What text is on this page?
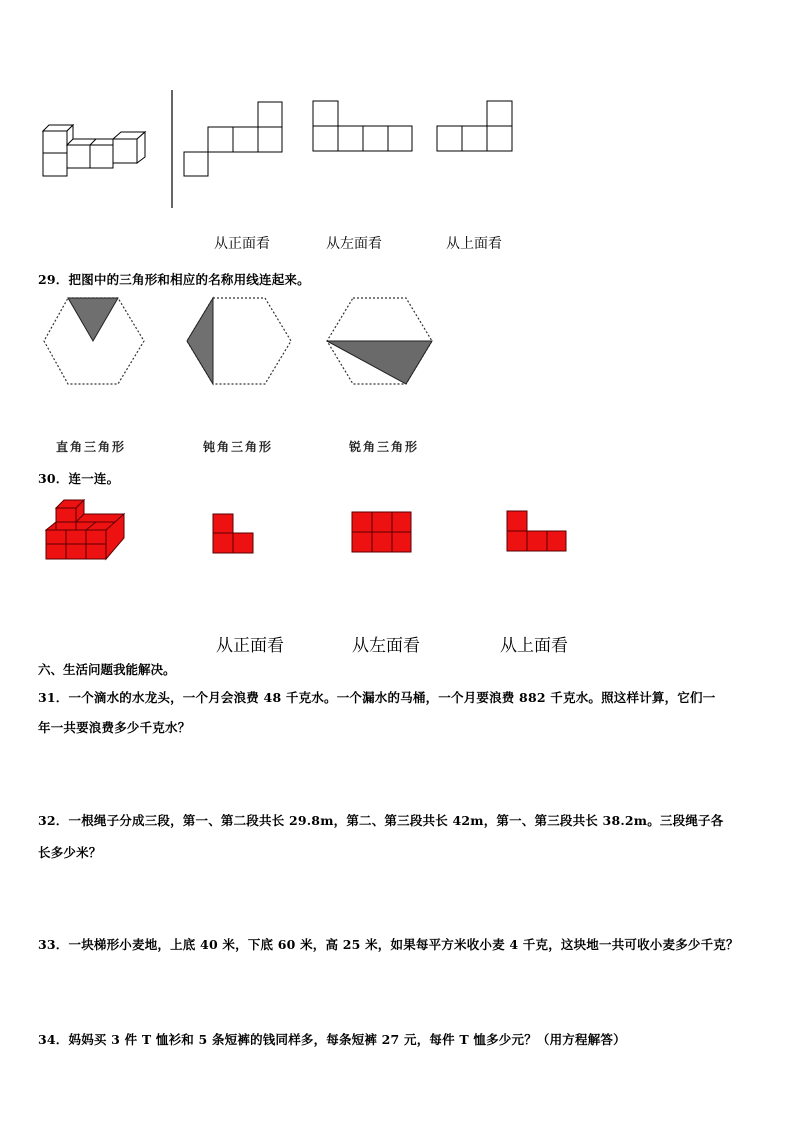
从正面看	从左面看	从上面看
29．把图中的三角形和相应的名称用线连起来。
直角三角形	钝角三角形	锐角三角形
30．连一连。
从正面看	从左面看	从上面看
六、生活问题我能解决。
31．一个滴水的水龙头，一个月会浪费 48 千克水。一个漏水的马桶，一个月要浪费 882 千克水。照这样计算，它们一
年一共要浪费多少千克水？
32．一根绳子分成三段，第一、第二段共长 29.8m，第二、第三段共长 42m，第一、第三段共长 38.2m。三段绳子各
长多少米？
33．一块梯形小麦地，上底 40 米，下底 60 米，高 25 米，如果每平方米收小麦 4 千克，这块地一共可收小麦多少千克？
34．妈妈买 3 件 T 恤衫和 5 条短裤的钱同样多，每条短裤 27 元，每件 T 恤多少元？（用方程解答）
